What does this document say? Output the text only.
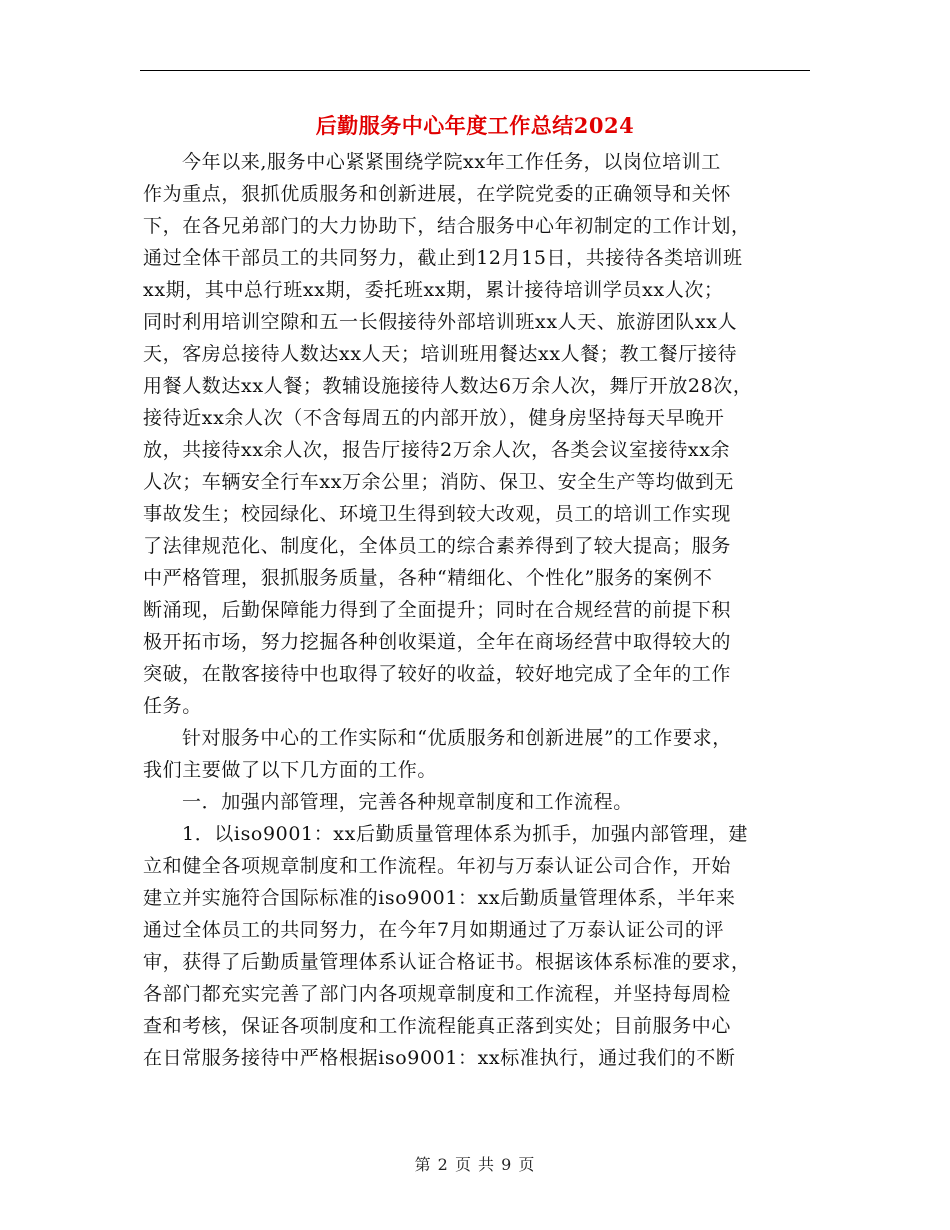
后勤服务中心年度工作总结2024
今年以来,服务中心紧紧围绕学院xx年工作任务，以岗位培训工
作为重点，狠抓优质服务和创新进展，在学院党委的正确领导和关怀
下，在各兄弟部门的大力协助下，结合服务中心年初制定的工作计划，
通过全体干部员工的共同努力，截止到12月15日，共接待各类培训班
xx期，其中总行班xx期，委托班xx期，累计接待培训学员xx人次；
同时利用培训空隙和五一长假接待外部培训班xx人天、旅游团队xx人
天，客房总接待人数达xx人天；培训班用餐达xx人餐；教工餐厅接待
用餐人数达xx人餐；教辅设施接待人数达6万余人次，舞厅开放28次，
接待近xx余人次（不含每周五的内部开放），健身房坚持每天早晚开
放，共接待xx余人次，报告厅接待2万余人次，各类会议室接待xx余
人次；车辆安全行车xx万余公里；消防、保卫、安全生产等均做到无
事故发生；校园绿化、环境卫生得到较大改观，员工的培训工作实现
了法律规范化、制度化，全体员工的综合素养得到了较大提高；服务
中严格管理，狠抓服务质量，各种“精细化、个性化”服务的案例不
断涌现，后勤保障能力得到了全面提升；同时在合规经营的前提下积
极开拓市场，努力挖掘各种创收渠道，全年在商场经营中取得较大的
突破，在散客接待中也取得了较好的收益，较好地完成了全年的工作
任务。
针对服务中心的工作实际和“优质服务和创新进展”的工作要求，
我们主要做了以下几方面的工作。
一．加强内部管理，完善各种规章制度和工作流程。
1．以iso9001：xx后勤质量管理体系为抓手，加强内部管理，建
立和健全各项规章制度和工作流程。年初与万泰认证公司合作，开始
建立并实施符合国际标准的iso9001：xx后勤质量管理体系，半年来
通过全体员工的共同努力，在今年7月如期通过了万泰认证公司的评
审，获得了后勤质量管理体系认证合格证书。根据该体系标准的要求，
各部门都充实完善了部门内各项规章制度和工作流程，并坚持每周检
查和考核，保证各项制度和工作流程能真正落到实处；目前服务中心
在日常服务接待中严格根据iso9001：xx标准执行，通过我们的不断
第 2 页 共 9 页
